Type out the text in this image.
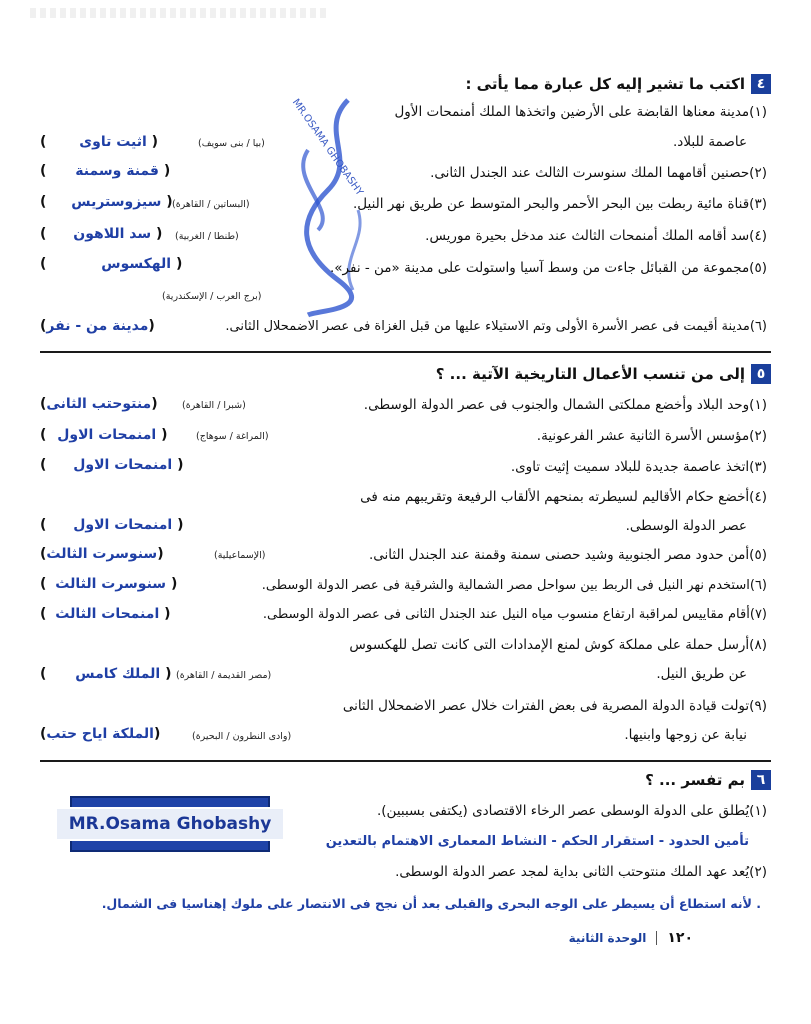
MR.OSAMA GHOBASHY
٤
اكتب ما تشير إليه كل عبارة مما يأتى :
(١)مدينة معناها القابضة على الأرضين واتخذها الملك أمنمحات الأول
عاصمة للبلاد.
(بيا / بنى سويف)
( اثيت تاوى )
(٢)حصنين أقامهما الملك سنوسرت الثالث عند الجندل الثانى.
( قمنة وسمنة )
(٣)قناة مائية ربطت بين البحر الأحمر والبحر المتوسط عن طريق نهر النيل.
(البساتين / القاهرة)
( سيزوستريس )
(٤)سد أقامه الملك أمنمحات الثالث عند مدخل بحيرة موريس.
(طنطا / الغربية)
( سد اللاهون )
(٥)مجموعة من القبائل جاءت من وسط آسيا واستولت على مدينة «من - نفر».
( الهكسوس )
(برج العرب / الإسكندرية)
(٦)مدينة أقيمت فى عصر الأسرة الأولى وتم الاستيلاء عليها من قبل الغزاة فى عصر الاضمحلال الثانى.
(مدينة من - نفر)
٥
إلى من تنسب الأعمال التاريخية الآتية ... ؟
(١)وحد البلاد وأخضع مملكتى الشمال والجنوب فى عصر الدولة الوسطى.
(شبرا / القاهرة)
(منتوحتب الثانى)
(٢)مؤسس الأسرة الثانية عشر الفرعونية.
(المراغة / سوهاج)
( امنمحات الاول )
(٣)اتخذ عاصمة جديدة للبلاد سميت إثيت تاوى.
( امنمحات الاول )
(٤)أخضع حكام الأقاليم لسيطرته بمنحهم الألقاب الرفيعة وتقريبهم منه فى
عصر الدولة الوسطى.
( امنمحات الاول )
(٥)أمن حدود مصر الجنوبية وشيد حصنى سمنة وقمنة عند الجندل الثانى.
(الإسماعيلية)
(سنوسرت الثالث)
(٦)استخدم نهر النيل فى الربط بين سواحل مصر الشمالية والشرقية فى عصر الدولة الوسطى.
( سنوسرت الثالث )
(٧)أقام مقاييس لمراقبة ارتفاع منسوب مياه النيل عند الجندل الثانى فى عصر الدولة الوسطى.
( امنمحات الثالث )
(٨)أرسل حملة على مملكة كوش لمنع الإمدادات التى كانت تصل للهكسوس
عن طريق النيل.
(مصر القديمة / القاهرة)
( الملك كامس )
(٩)تولت قيادة الدولة المصرية فى بعض الفترات خلال عصر الاضمحلال الثانى
نيابة عن زوجها وابنيها.
(وادى النطرون / البحيرة)
(الملكة اياح حتب)
٦
بم تفسر ... ؟
(١)يُطلق على الدولة الوسطى عصر الرخاء الاقتصادى (يكتفى بسببين).
تأمين الحدود - استقرار الحكم - النشاط المعمارى الاهتمام بالتعدين
(٢)يُعد عهد الملك منتوحتب الثانى بداية لمجد عصر الدولة الوسطى.
. لأنه استطاع أن يسيطر على الوجه البحرى والقبلى بعد أن نجح فى الانتصار على ملوك إهناسيا فى الشمال.
MR.Osama Ghobashy
١٢٠
الوحدة الثانية
